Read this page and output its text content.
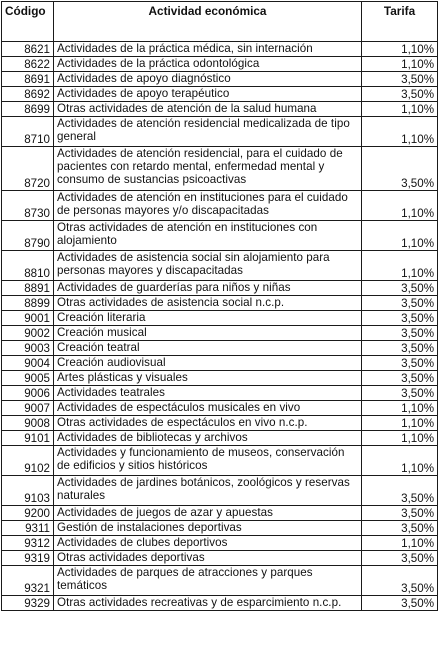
Código	Actividad económica	Tarifa
8621	Actividades de la práctica médica, sin internación	1,10%
8622	Actividades de la práctica odontológica	1,10%
8691	Actividades de apoyo diagnóstico	3,50%
8692	Actividades de apoyo terapéutico	3,50%
8699	Otras actividades de atención de la salud humana	1,10%
8710	Actividades de atención residencial medicalizada de tipo general	1,10%
8720	Actividades de atención residencial, para el cuidado de pacientes con retardo mental, enfermedad mental y consumo de sustancias psicoactivas	3,50%
8730	Actividades de atención en instituciones para el cuidado de personas mayores y/o discapacitadas	1,10%
8790	Otras actividades de atención en instituciones con alojamiento	1,10%
8810	Actividades de asistencia social sin alojamiento para personas mayores y discapacitadas	1,10%
8891	Actividades de guarderías para niños y niñas	3,50%
8899	Otras actividades de asistencia social n.c.p.	3,50%
9001	Creación literaria	3,50%
9002	Creación musical	3,50%
9003	Creación teatral	3,50%
9004	Creación audiovisual	3,50%
9005	Artes plásticas y visuales	3,50%
9006	Actividades teatrales	3,50%
9007	Actividades de espectáculos musicales en vivo	1,10%
9008	Otras actividades de espectáculos en vivo n.c.p.	1,10%
9101	Actividades de bibliotecas y archivos	1,10%
9102	Actividades y funcionamiento de museos, conservación de edificios y sitios históricos	1,10%
9103	Actividades de jardines botánicos, zoológicos y reservas naturales	3,50%
9200	Actividades de juegos de azar y apuestas	3,50%
9311	Gestión de instalaciones deportivas	3,50%
9312	Actividades de clubes deportivos	1,10%
9319	Otras actividades deportivas	3,50%
9321	Actividades de parques de atracciones y parques temáticos	3,50%
9329	Otras actividades recreativas y de esparcimiento n.c.p.	3,50%
